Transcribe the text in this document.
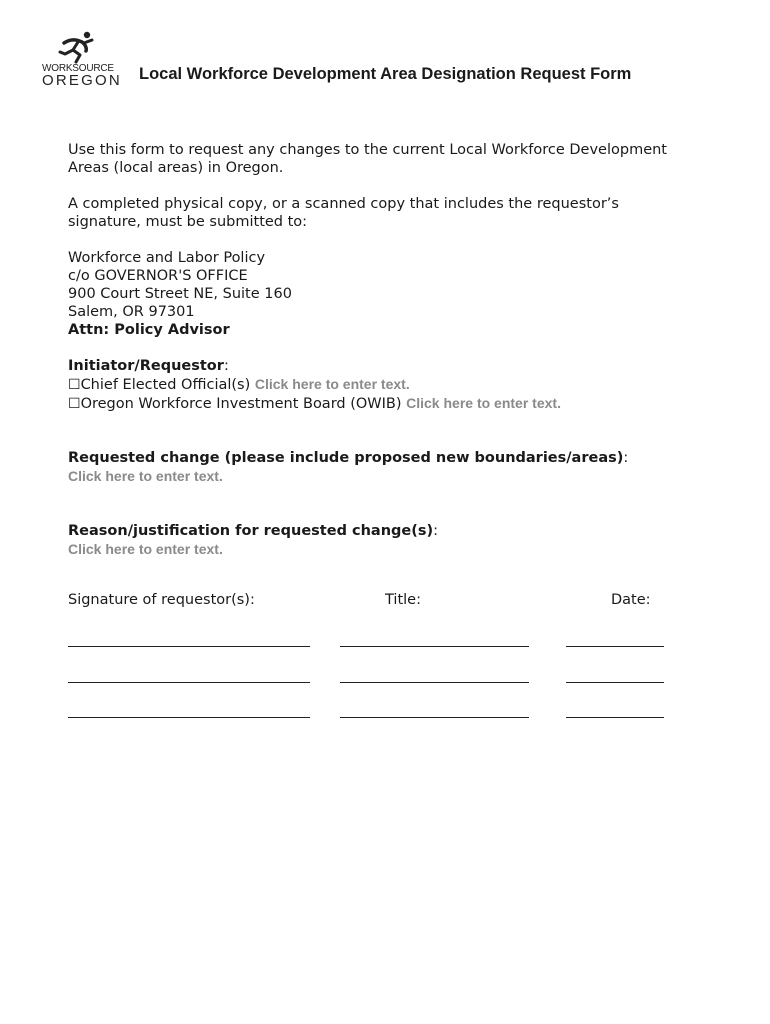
WORKSOURCE
OREGON Local Workforce Development Area Designation Request Form

Use this form to request any changes to the current Local Workforce Development
Areas (local areas) in Oregon.

A completed physical copy, or a scanned copy that includes the requestor’s
signature, must be submitted to:

Workforce and Labor Policy
c/o GOVERNOR'S OFFICE
900 Court Street NE, Suite 160
Salem, OR 97301
Attn: Policy Advisor

Initiator/Requestor:
☐Chief Elected Official(s) Click here to enter text.
☐Oregon Workforce Investment Board (OWIB) Click here to enter text.

Requested change (please include proposed new boundaries/areas):
Click here to enter text.

Reason/justification for requested change(s):
Click here to enter text.

Signature of requestor(s):	Title:	Date:
